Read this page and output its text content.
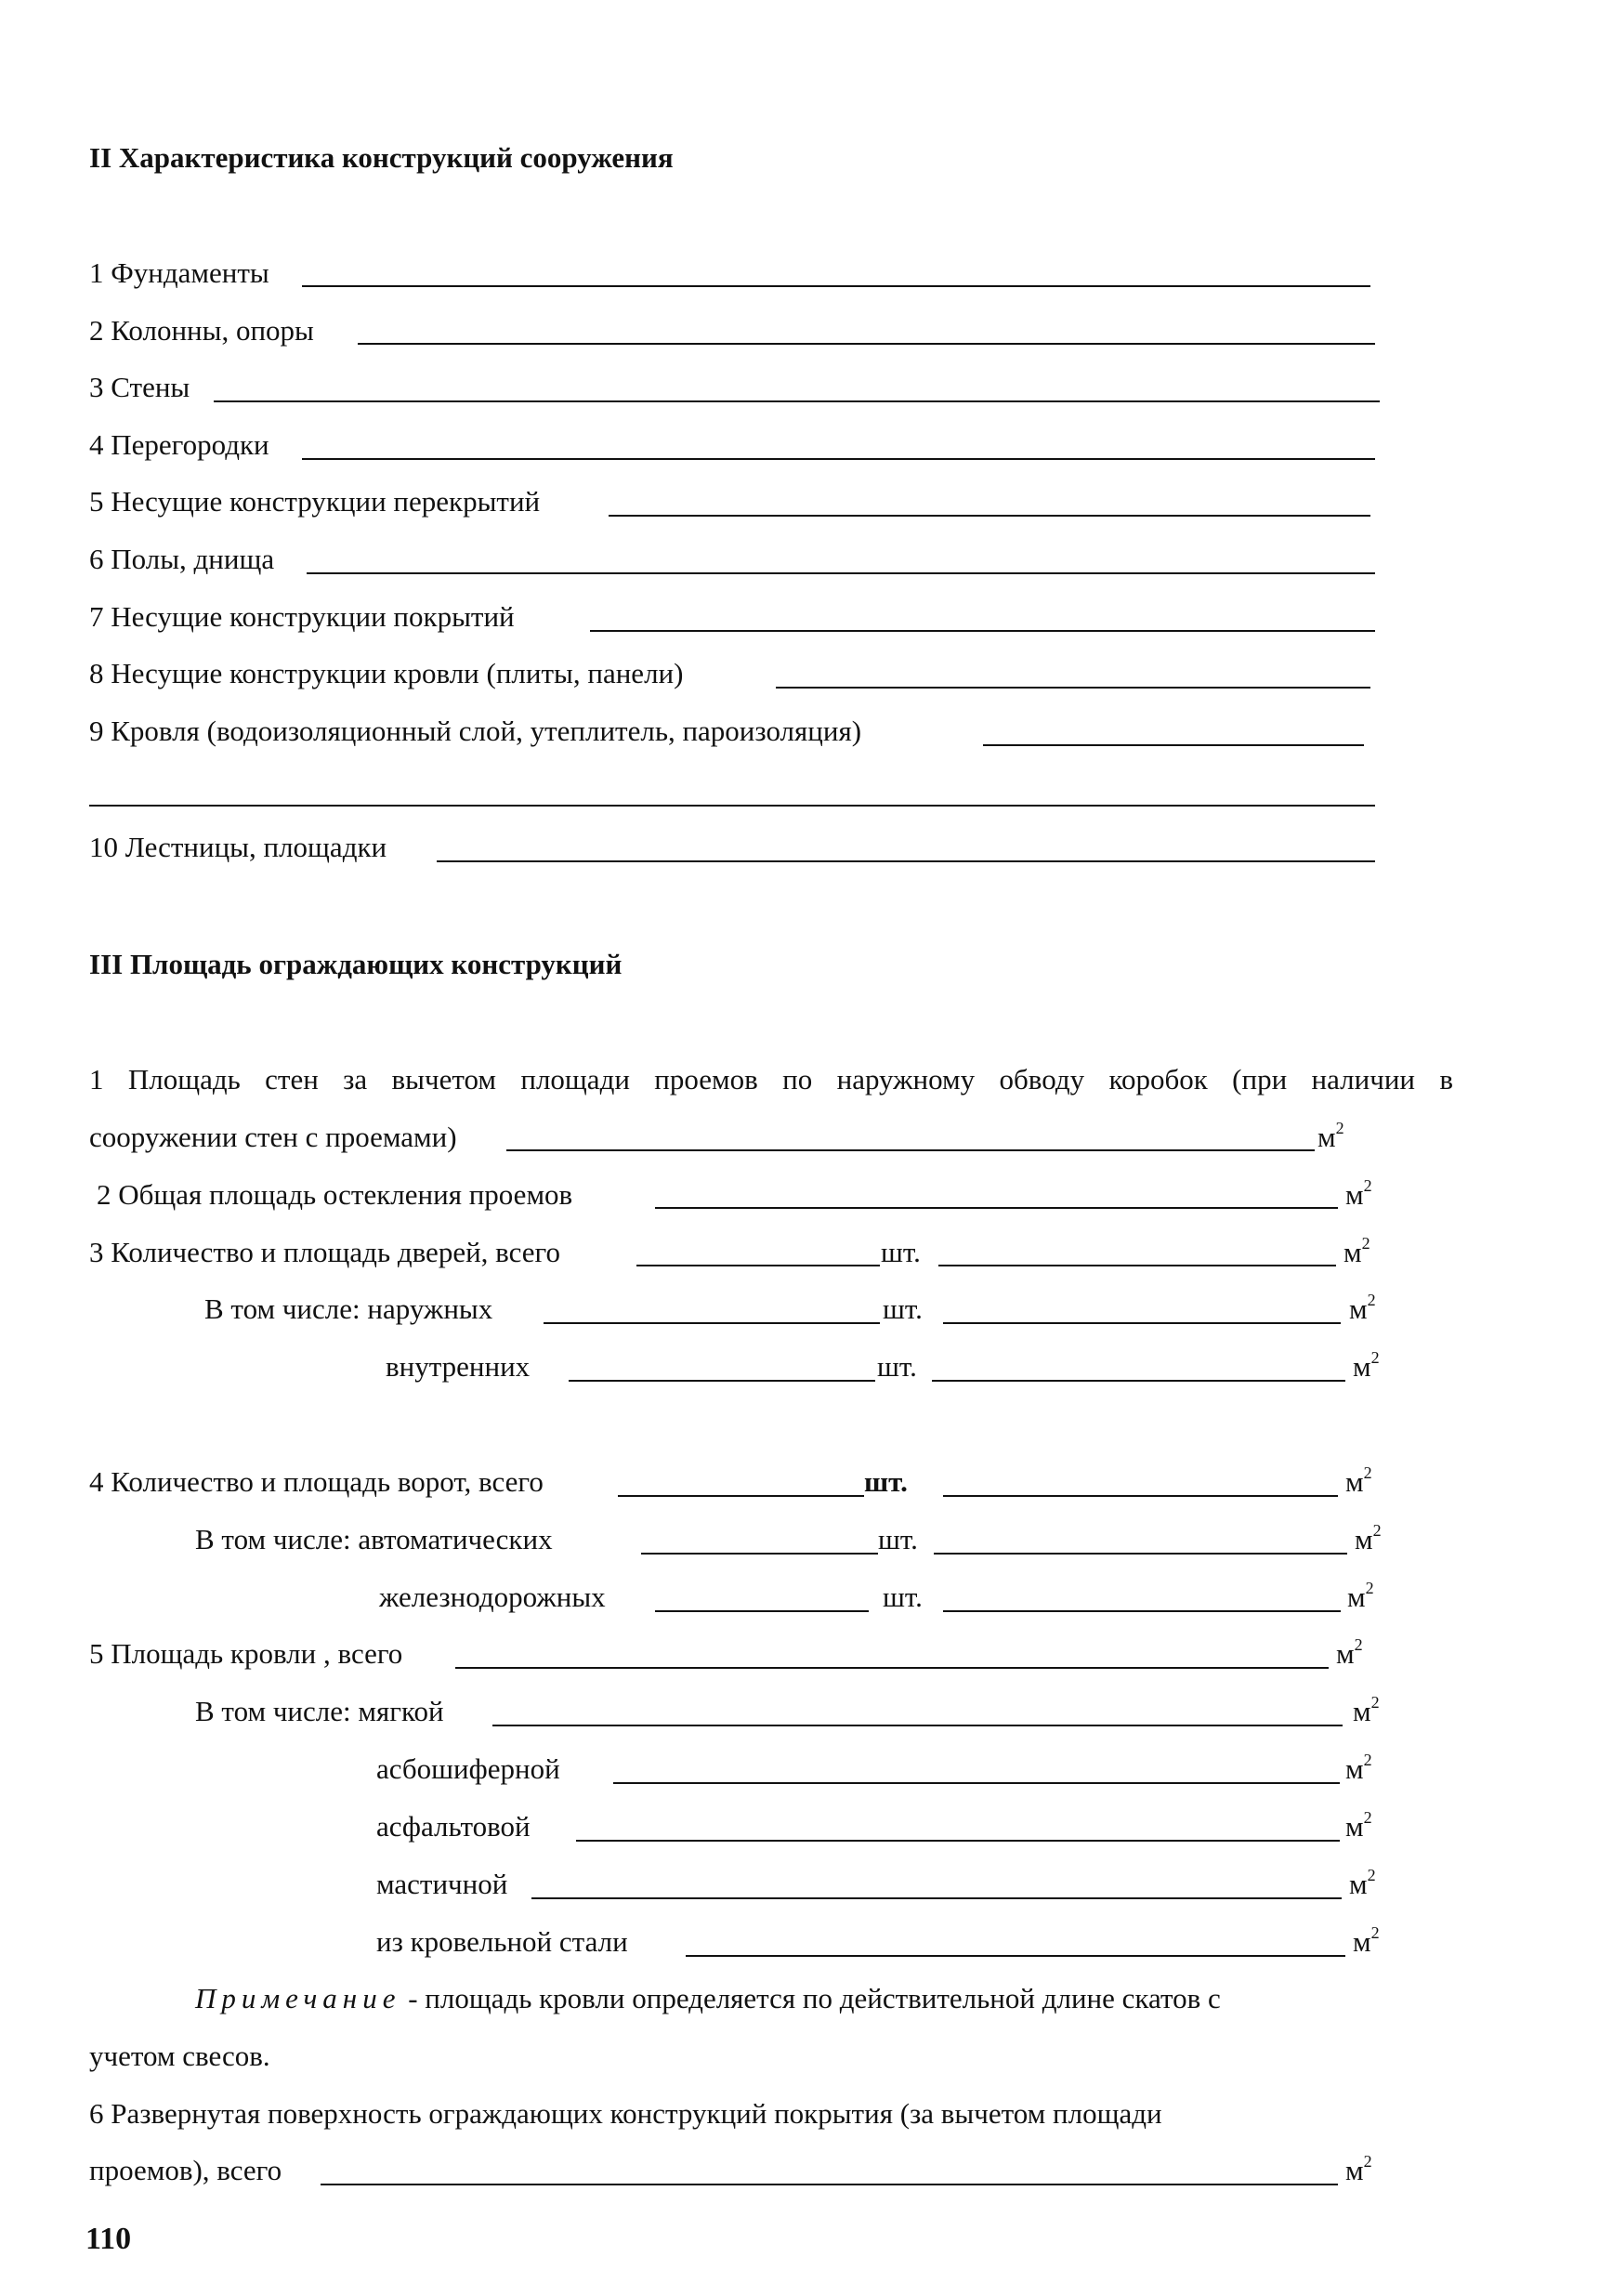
II Характеристика конструкций сооружения
1 Фундаменты
2 Колонны, опоры
3 Стены
4 Перегородки
5 Несущие конструкции перекрытий
6 Полы, днища
7 Несущие конструкции покрытий
8 Несущие конструкции кровли (плиты, панели)
9 Кровля (водоизоляционный слой, утеплитель, пароизоляция)
10 Лестницы, площадки
III Площадь ограждающих конструкций
1 Площадь стен за вычетом площади проемов по наружному обводу коробок (при наличии в
сооружении стен с проемами)	$м^2$
2 Общая площадь остекления проемов	$м^2$
3 Количество и площадь дверей, всего	шт.	$м^2$
В том числе: наружных	шт.	$м^2$
внутренних	шт.	$м^2$
4 Количество и площадь ворот, всего	шт.	$м^2$
В том числе: автоматических	шт.	$м^2$
железнодорожных	шт.	$м^2$
5 Площадь кровли , всего	$м^2$
В том числе: мягкой	$м^2$
асбошиферной	$м^2$
асфальтовой	$м^2$
мастичной	$м^2$
из кровельной стали	$м^2$
Примечание - площадь кровли определяется по действительной длине скатов с
учетом свесов.
6 Развернутая поверхность ограждающих конструкций покрытия (за вычетом площади
проемов), всего	$м^2$
110
